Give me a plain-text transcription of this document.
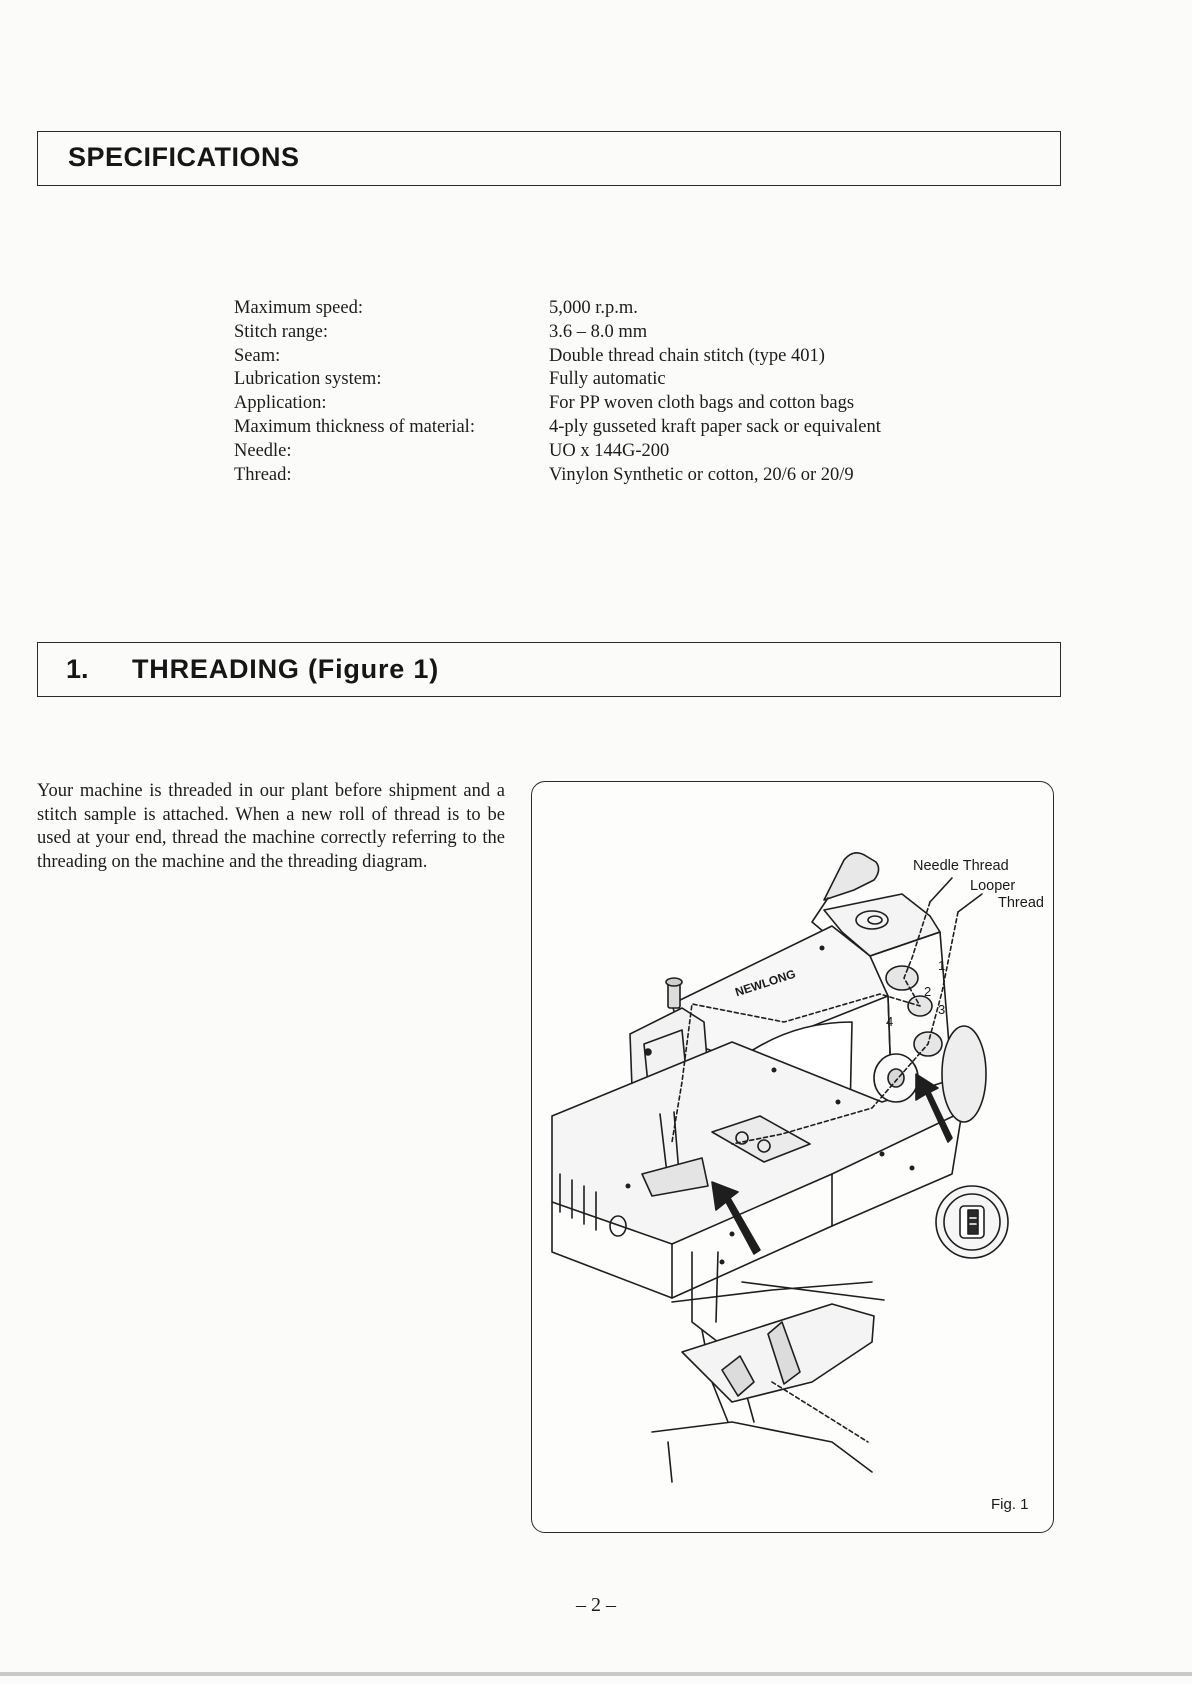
SPECIFICATIONS
Maximum speed:	5,000 r.p.m.
Stitch range:	3.6 – 8.0 mm
Seam:	Double thread chain stitch (type 401)
Lubrication system:	Fully automatic
Application:	For PP woven cloth bags and cotton bags
Maximum thickness of material:	4-ply gusseted kraft paper sack or equivalent
Needle:	UO x 144G-200
Thread:	Vinylon Synthetic or cotton, 20/6 or 20/9
1. THREADING (Figure 1)

Your machine is threaded in our plant before shipment and a stitch sample is attached. When a new roll of thread is to be used at your end, thread the machine correctly referring to the threading on the machine and the threading diagram.	Needle Thread
Looper
Thread
NEWLONG
1
2
3
4
Fig. 1
– 2 –
